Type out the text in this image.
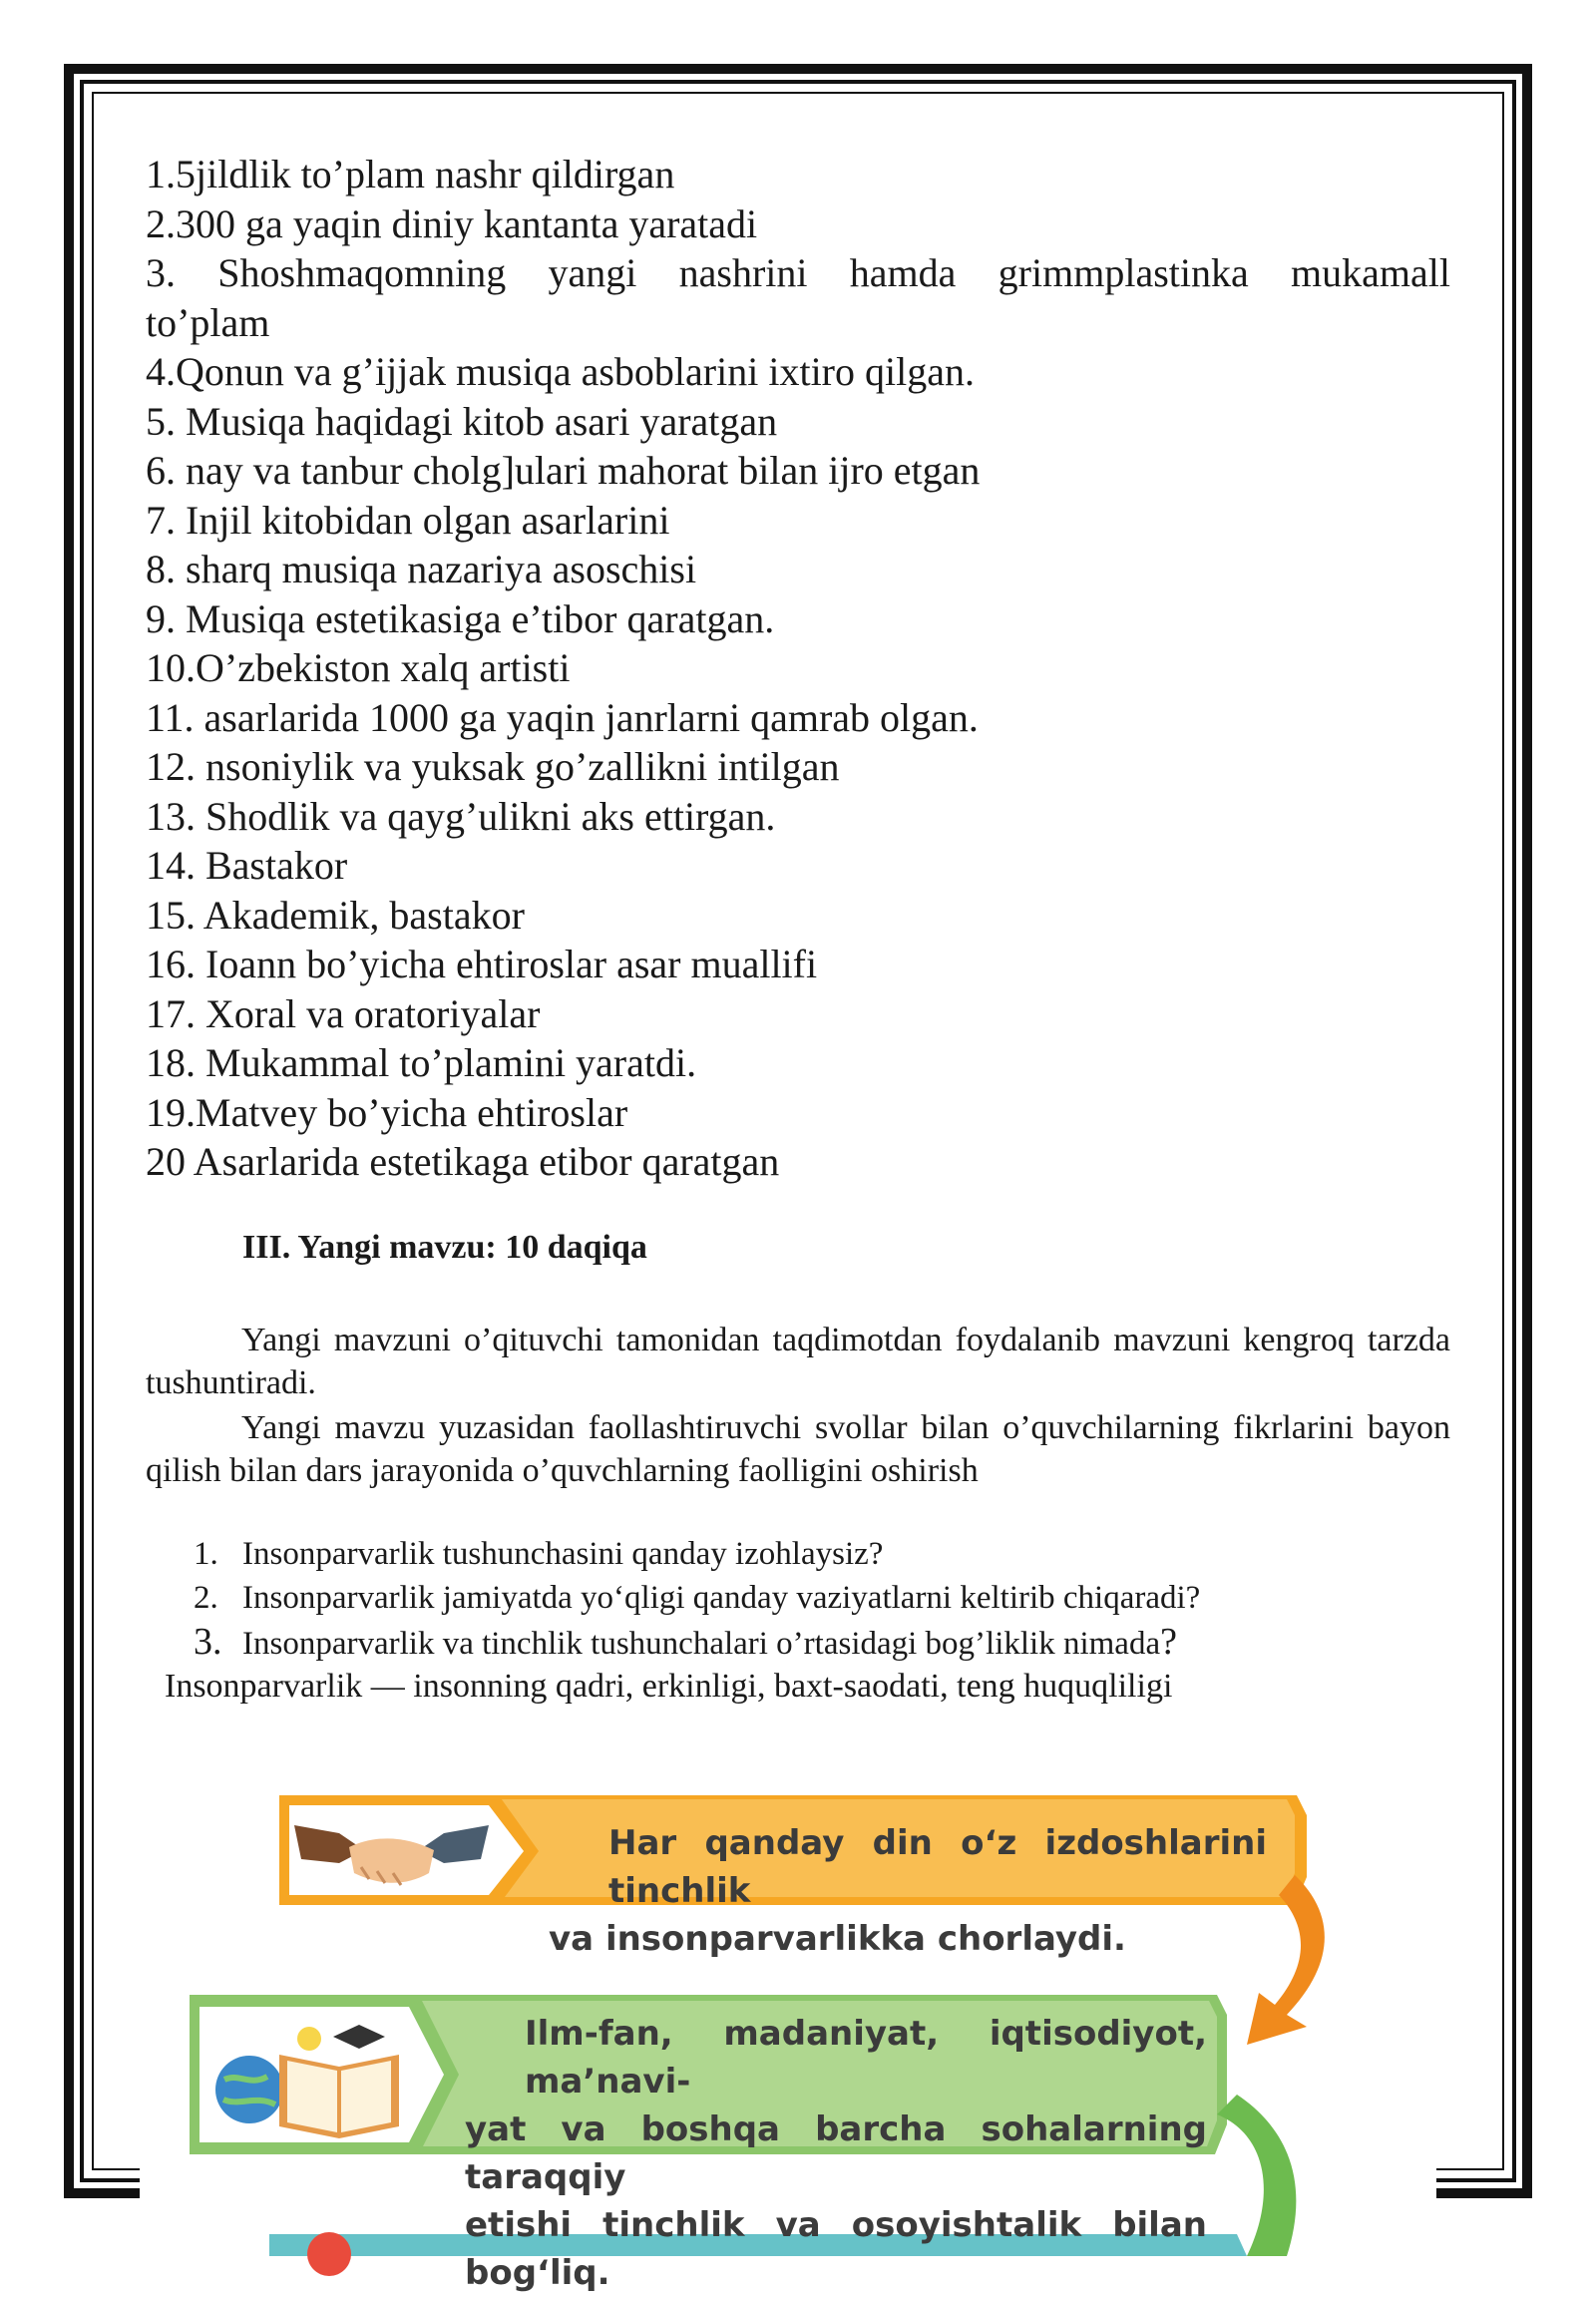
1.5jildlik to’plam nashr qildirgan

2.300 ga yaqin diniy kantanta yaratadi

3. Shoshmaqomning yangi nashrini hamda grimmplastinka mukamall

to’plam

4.Qonun va g’ijjak musiqa asboblarini ixtiro qilgan.

5. Musiqa haqidagi kitob asari yaratgan

6. nay va tanbur cholg]ulari mahorat bilan ijro etgan

7. Injil kitobidan olgan asarlarini

8. sharq musiqa nazariya asoschisi

9. Musiqa estetikasiga e’tibor qaratgan.

10.O’zbekiston xalq artisti

11. asarlarida 1000 ga yaqin janrlarni qamrab olgan.

12. nsoniylik va yuksak go’zallikni intilgan

13. Shodlik va qayg’ulikni aks ettirgan.

14. Bastakor

15. Akademik, bastakor

16. Ioann bo’yicha ehtiroslar asar muallifi

17. Xoral va oratoriyalar

18. Mukammal to’plamini yaratdi.

19.Matvey bo’yicha ehtiroslar

20 Asarlarida estetikaga etibor qaratgan

III. Yangi mavzu: 10 daqiqa
Yangi mavzuni o’qituvchi tamonidan taqdimotdan foydalanib mavzuni kengroq tarzda tushuntiradi.
Yangi mavzu yuzasidan faollashtiruvchi svollar bilan o’quvchilarning fikrlarini bayon qilish bilan dars jarayonida o’quvchlarning faolligini oshirish
1. Insonparvarlik tushunchasini qanday izohlaysiz?
2. Insonparvarlik jamiyatda yo‘qligi qanday vaziyatlarni keltirib chiqaradi?
3. Insonparvarlik va tinchlik tushunchalari o’rtasidagi bog’liklik nimada?
Insonparvarlik — insonning qadri, erkinligi, baxt-saodati, teng huquqliligi
Har qanday din o‘z izdoshlarini tinchlik
va insonparvarlikka chorlaydi.
Ilm-fan, madaniyat, iqtisodiyot, ma’navi-
yat va boshqa barcha sohalarning taraqqiy
etishi tinchlik va osoyishtalik bilan bog‘liq.
